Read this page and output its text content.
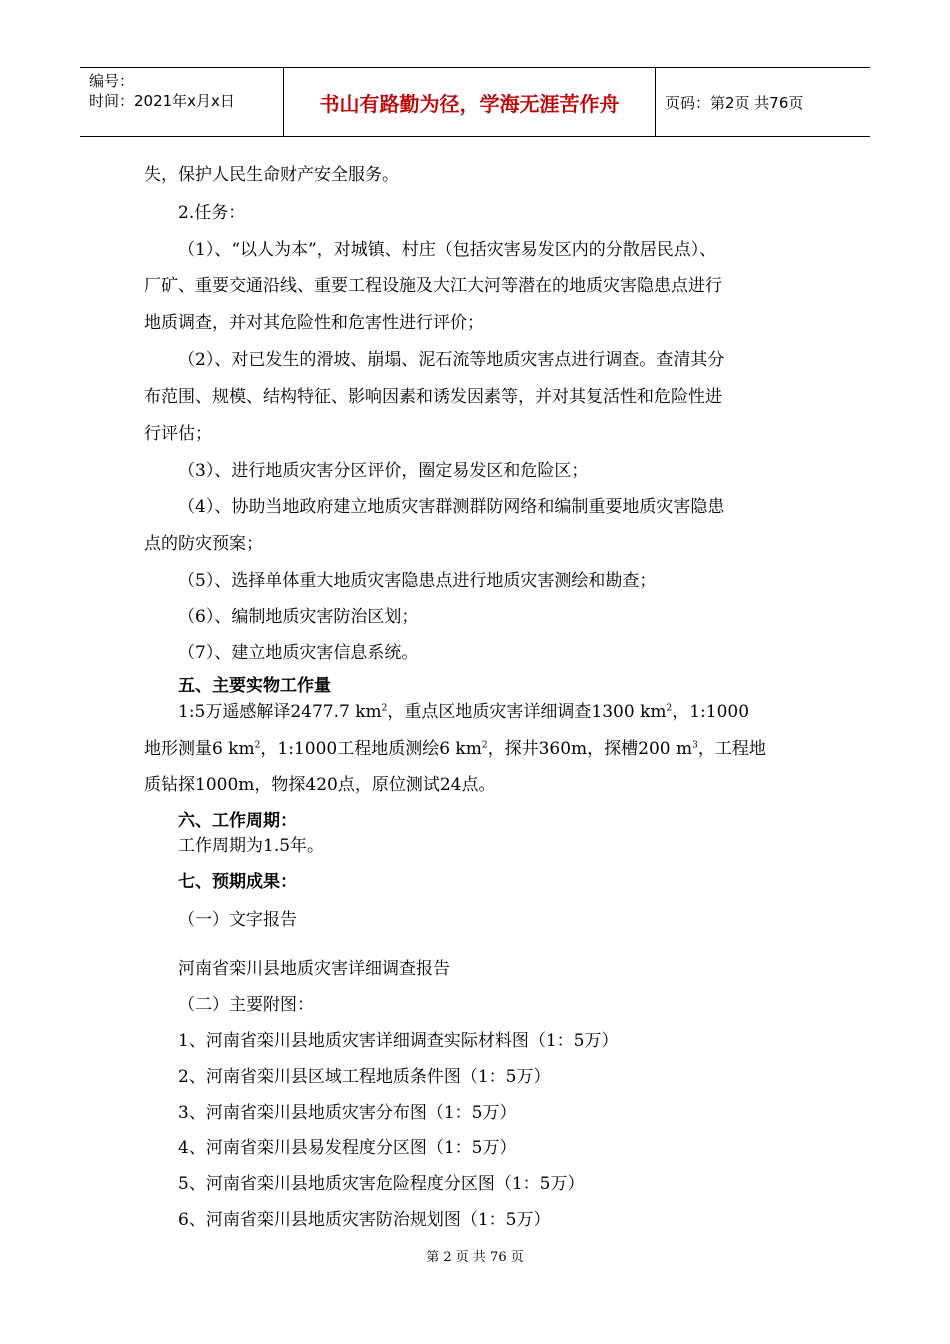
编号：
时间：2021年x月x日	书山有路勤为径，学海无涯苦作舟	页码：第2页 共76页
失，保护人民生命财产安全服务。
2.任务：
（1）、“以人为本”，对城镇、村庄（包括灾害易发区内的分散居民点）、
厂矿、重要交通沿线、重要工程设施及大江大河等潜在的地质灾害隐患点进行
地质调查，并对其危险性和危害性进行评价；
（2）、对已发生的滑坡、崩塌、泥石流等地质灾害点进行调查。查清其分
布范围、规模、结构特征、影响因素和诱发因素等，并对其复活性和危险性进
行评估；
（3）、进行地质灾害分区评价，圈定易发区和危险区；
（4）、协助当地政府建立地质灾害群测群防网络和编制重要地质灾害隐患
点的防灾预案；
（5）、选择单体重大地质灾害隐患点进行地质灾害测绘和勘查；
（6）、编制地质灾害防治区划；
（7）、建立地质灾害信息系统。
五、主要实物工作量
1:5万遥感解译2477.7 $km^2$，重点区地质灾害详细调查1300 $km^2$，1:1000
地形测量6 $km^2$，1:1000工程地质测绘6 $km^2$，探井360m，探槽200 $m^3$，工程地
质钻探1000m，物探420点，原位测试24点。
六、工作周期：
工作周期为1.5年。
七、预期成果：
（一）文字报告
河南省栾川县地质灾害详细调查报告
（二）主要附图：
1、河南省栾川县地质灾害详细调查实际材料图（1：5万）
2、河南省栾川县区域工程地质条件图（1：5万）
3、河南省栾川县地质灾害分布图（1：5万）
4、河南省栾川县易发程度分区图（1：5万）
5、河南省栾川县地质灾害危险程度分区图（1：5万）
6、河南省栾川县地质灾害防治规划图（1：5万）
第 2 页 共 76 页
